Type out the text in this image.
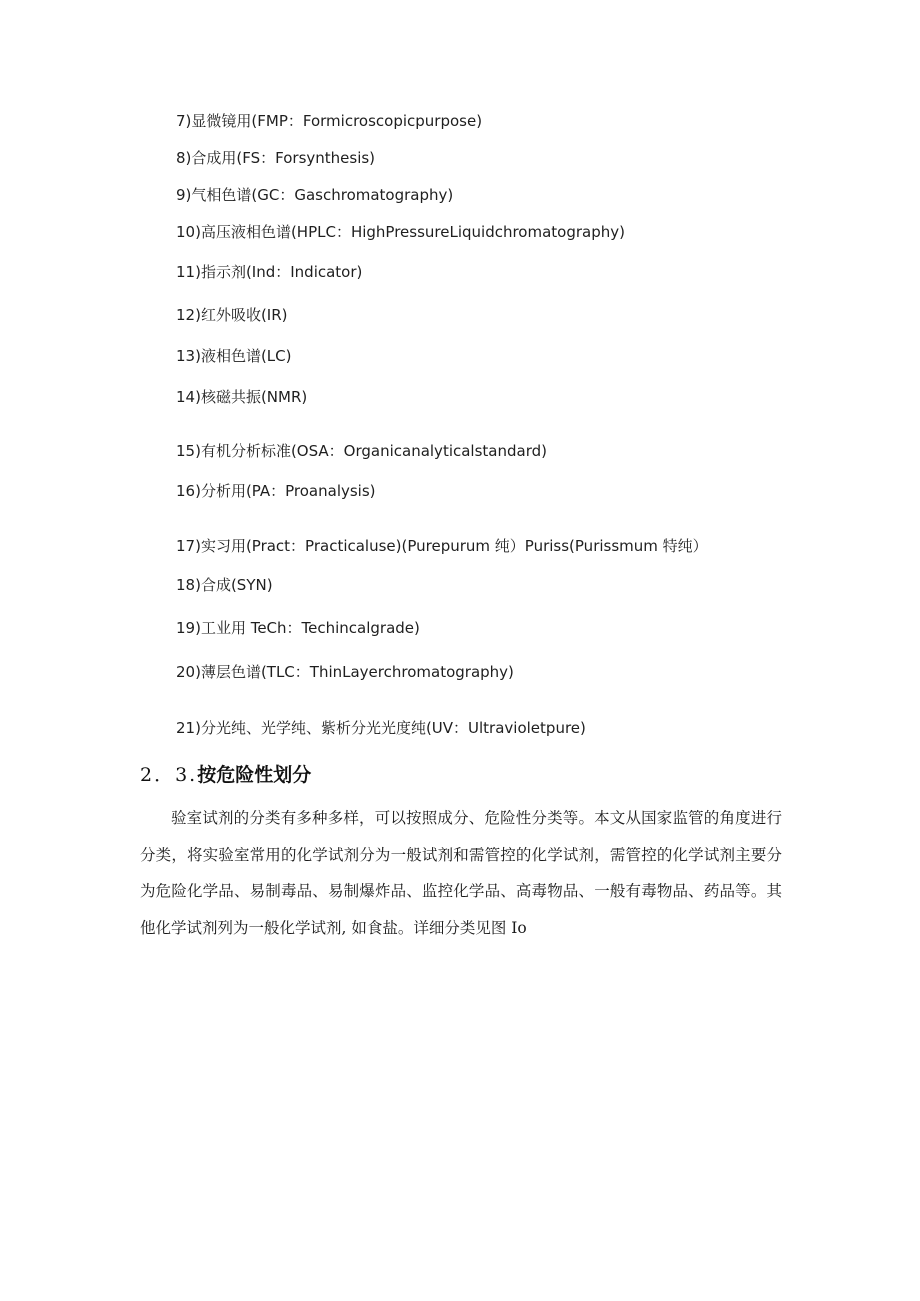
7)显微镜用(FMP：Formicroscopicpurpose)
8)合成用(FS：Forsynthesis)
9)气相色谱(GC：Gaschromatography)
10)高压液相色谱(HPLC：HighPressureLiquidchromatography)
11)指示剂(Ind：Indicator)
12)红外吸收(IR)
13)液相色谱(LC)
14)核磁共振(NMR)
15)有机分析标准(OSA：Organicanalyticalstandard)
16)分析用(PA：Proanalysis)
17)实习用(Pract：Practicaluse)(Purepurum 纯）Puriss(Purissmum 特纯）
18)合成(SYN)
19)工业用 TeCh：Techincalgrade)
20)薄层色谱(TLC：ThinLayerchromatography)
21)分光纯、光学纯、紫析分光光度纯(UV：Ultravioletpure)
2．3.按危险性划分

验室试剂的分类有多种多样，可以按照成分、危险性分类等。本文从国家监管的角度进行分类，将实验室常用的化学试剂分为一般试剂和需管控的化学试剂，需管控的化学试剂主要分为危险化学品、易制毒品、易制爆炸品、监控化学品、高毒物品、一般有毒物品、药品等。其他化学试剂列为一般化学试剂, 如食盐。详细分类见图 Io
